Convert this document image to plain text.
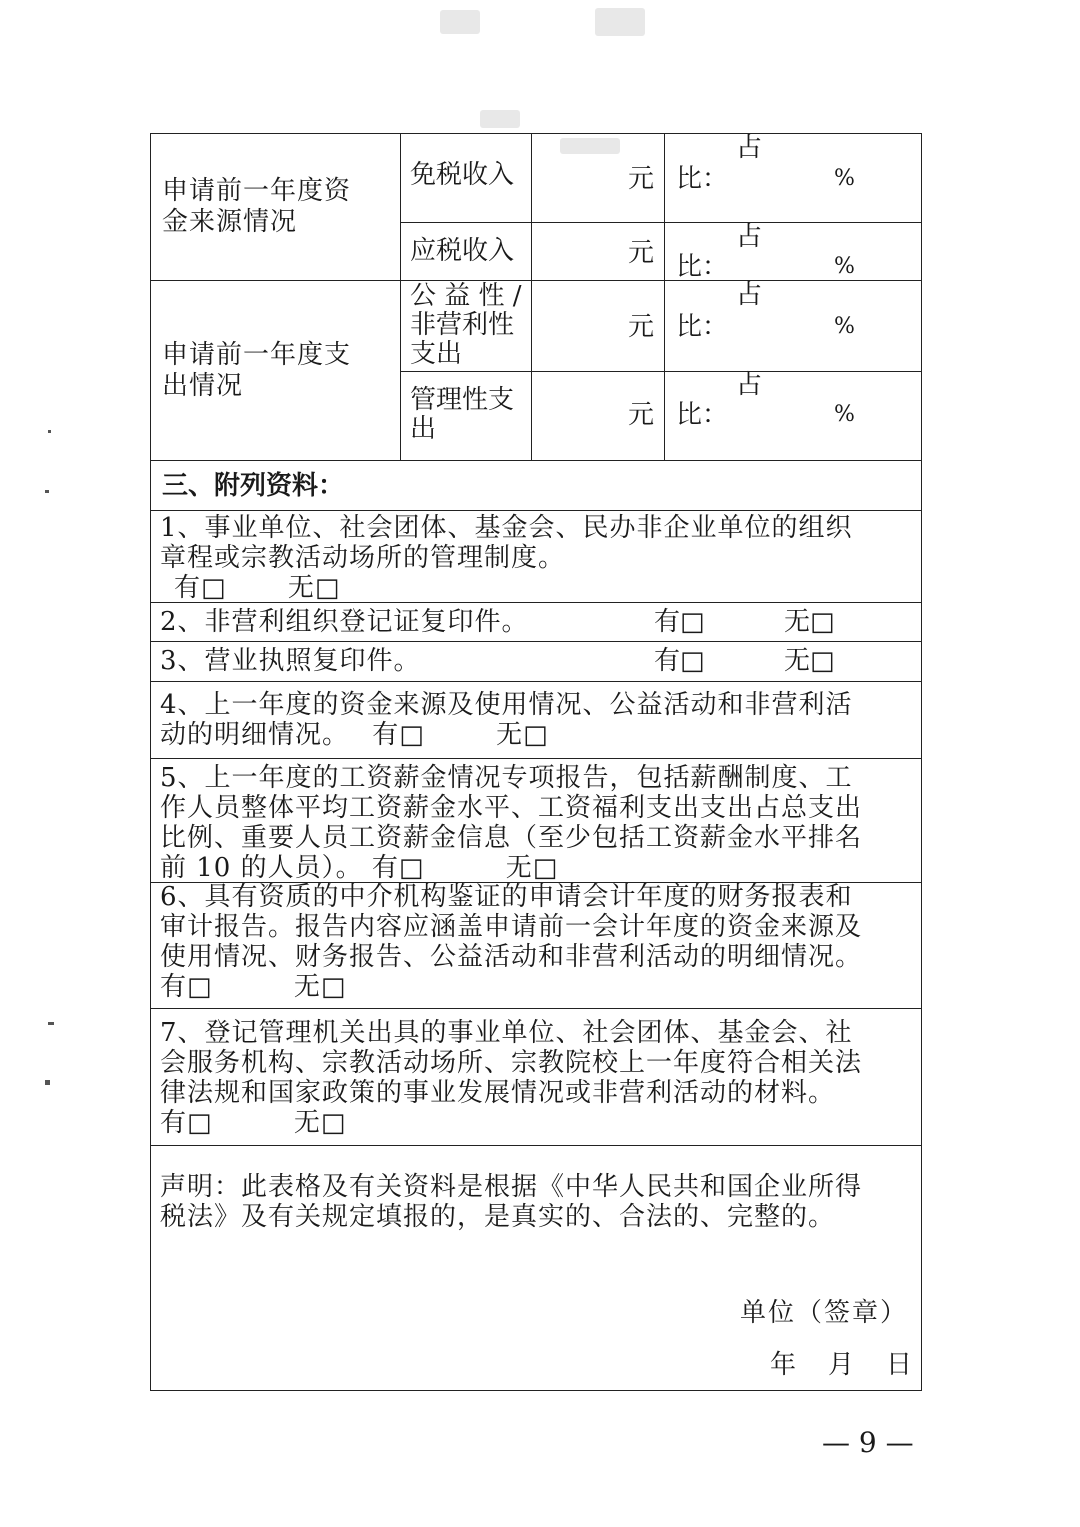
申请前一年度资
金来源情况
免税收入	元
占
比：	%
应税收入	元
占
比：	%
申请前一年度支
出情况
公 益 性 /
非营利性
支出
元
占
比：	%
管理性支
出	元
占
比：	%
三、附列资料：
1、事业单位、社会团体、基金会、民办非企业单位的组织
章程或宗教活动场所的管理制度。
有□ 无□
2、非营利组织登记证复印件。	有□	无□
3、营业执照复印件。	有□	无□
4、上一年度的资金来源及使用情况、公益活动和非营利活
动的明细情况。 有□	无□
5、上一年度的工资薪金情况专项报告，包括薪酬制度、工
作人员整体平均工资薪金水平、工资福利支出支出占总支出
比例、重要人员工资薪金信息（至少包括工资薪金水平排名
前 10 的人员）。 有□	无□
6、具有资质的中介机构鉴证的申请会计年度的财务报表和
审计报告。报告内容应涵盖申请前一会计年度的资金来源及
使用情况、财务报告、公益活动和非营利活动的明细情况。
有□	无□
7、登记管理机关出具的事业单位、社会团体、基金会、社
会服务机构、宗教活动场所、宗教院校上一年度符合相关法
律法规和国家政策的事业发展情况或非营利活动的材料。
有□	无□
声明：此表格及有关资料是根据《中华人民共和国企业所得
税法》及有关规定填报的，是真实的、合法的、完整的。
单位（签章）
年 月 日
— 9 —
